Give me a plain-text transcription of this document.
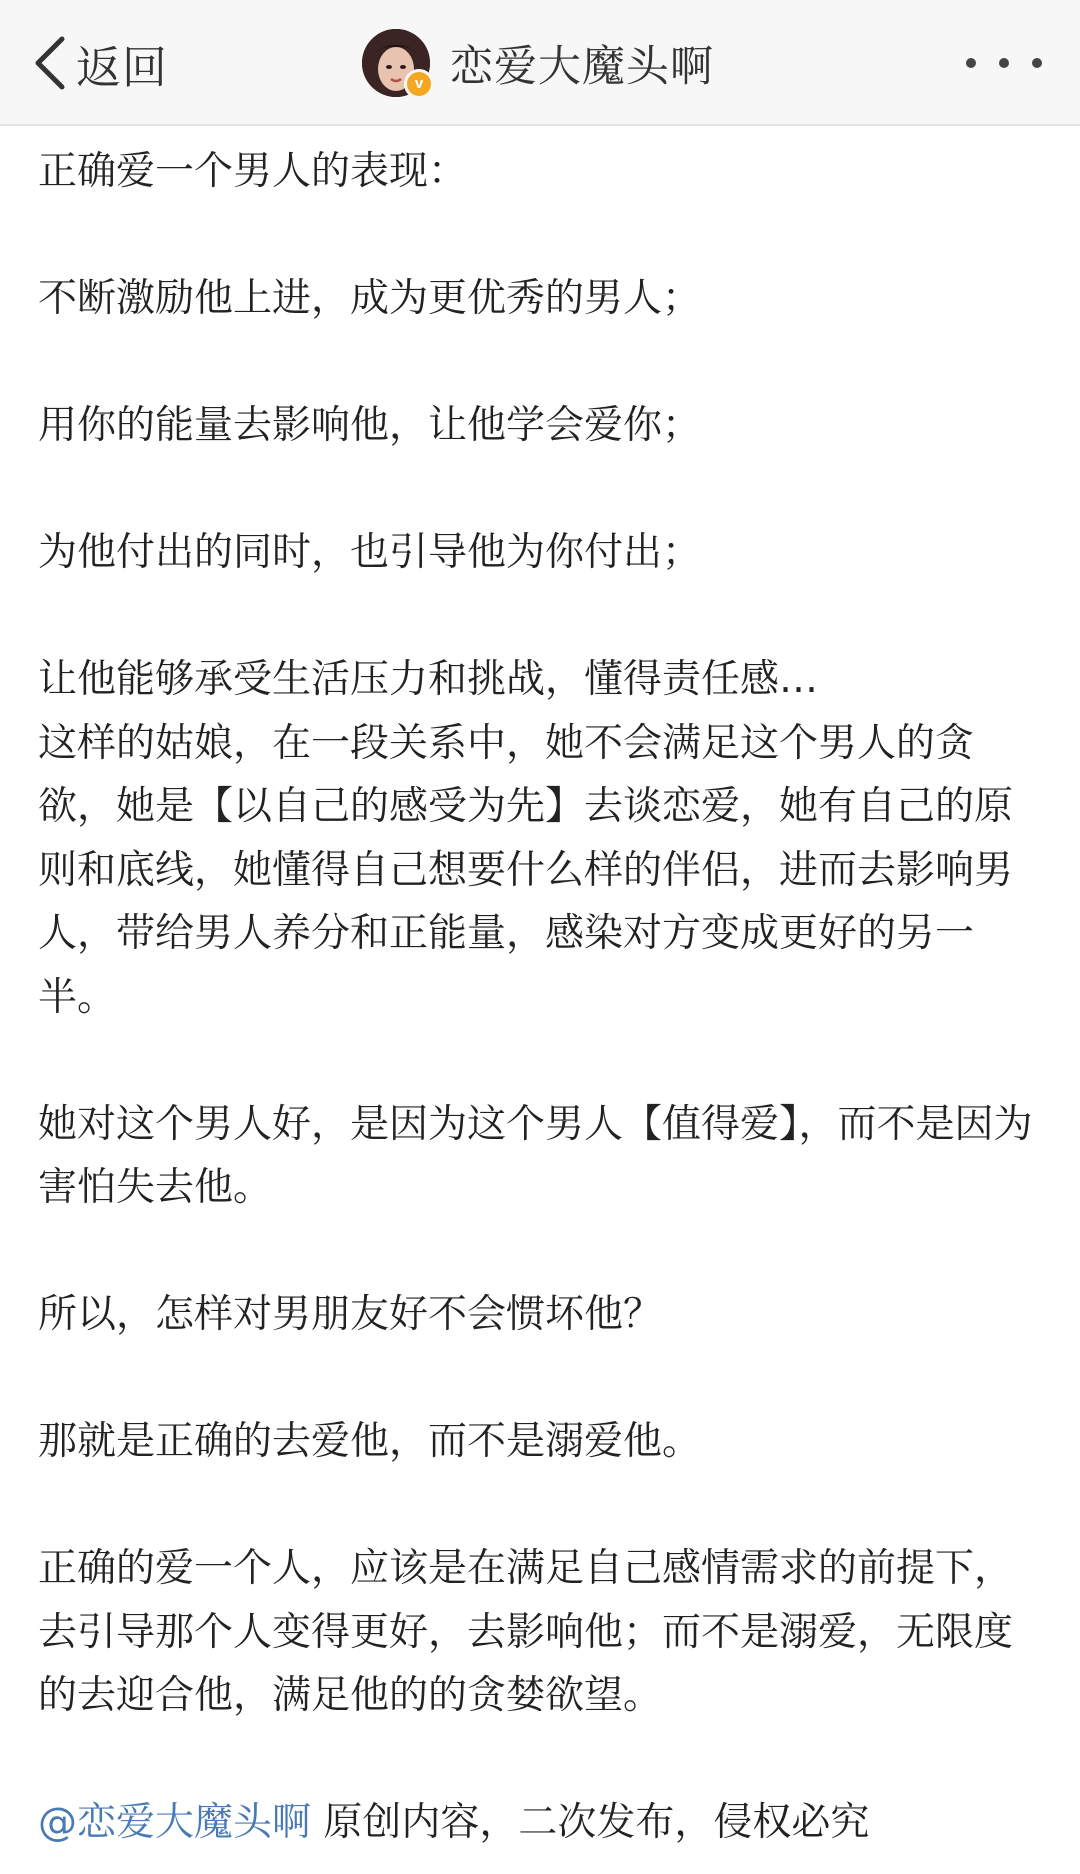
返回	v 恋爱大魔头啊

正确爱一个男人的表现：

不断激励他上进，成为更优秀的男人；

用你的能量去影响他，让他学会爱你；

为他付出的同时，也引导他为你付出；

让他能够承受生活压力和挑战，懂得责任感…

这样的姑娘，在一段关系中，她不会满足这个男人的贪欲，她是【以自己的感受为先】去谈恋爱，她有自己的原则和底线，她懂得自己想要什么样的伴侣，进而去影响男人，带给男人养分和正能量，感染对方变成更好的另一半。

她对这个男人好，是因为这个男人【值得爱】，而不是因为害怕失去他。

所以，怎样对男朋友好不会惯坏他？

那就是正确的去爱他，而不是溺爱他。

正确的爱一个人，应该是在满足自己感情需求的前提下，去引导那个人变得更好，去影响他；而不是溺爱，无限度的去迎合他，满足他的的贪婪欲望。

@恋爱大魔头啊 原创内容，二次发布，侵权必究
